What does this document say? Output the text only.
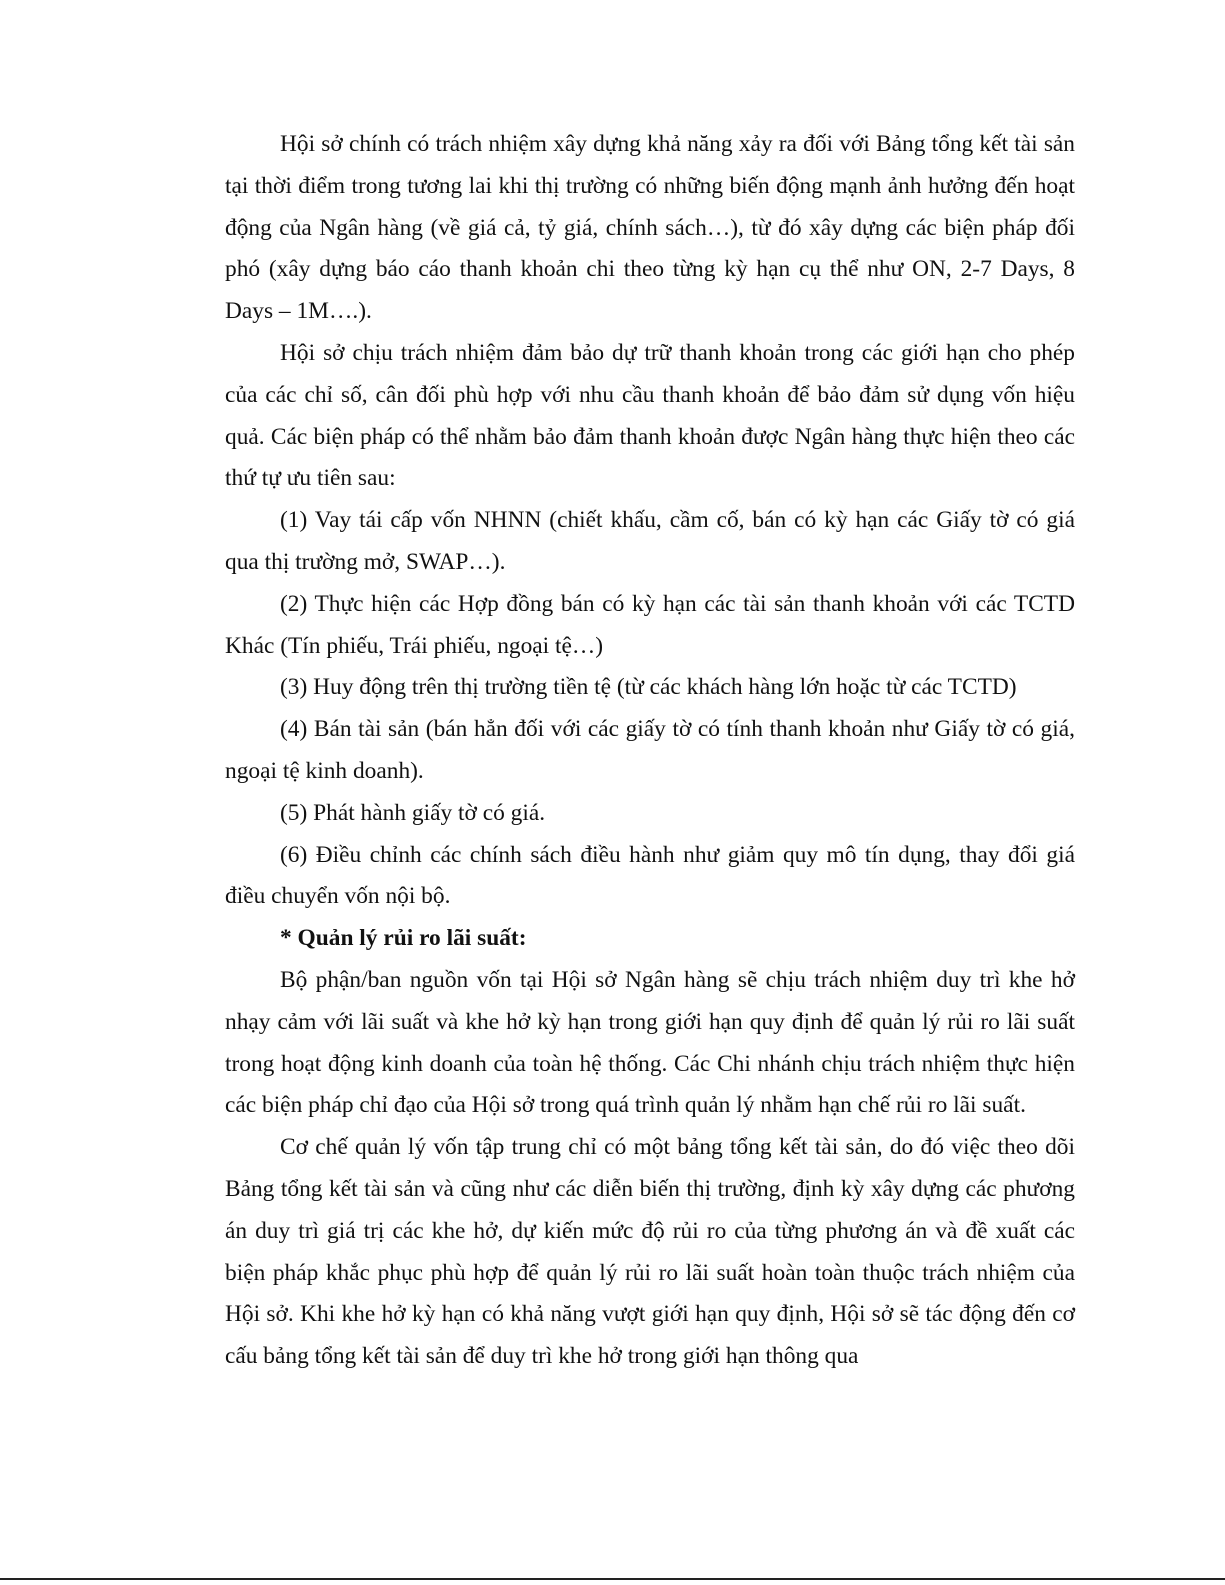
Hội sở chính có trách nhiệm xây dựng khả năng xảy ra đối với Bảng tổng kết tài sản tại thời điểm trong tương lai khi thị trường có những biến động mạnh ảnh hưởng đến hoạt động của Ngân hàng (về giá cả, tỷ giá, chính sách…), từ đó xây dựng các biện pháp đối phó (xây dựng báo cáo thanh khoản chi theo từng kỳ hạn cụ thể như ON, 2-7 Days, 8 Days – 1M….).

Hội sở chịu trách nhiệm đảm bảo dự trữ thanh khoản trong các giới hạn cho phép của các chỉ số, cân đối phù hợp với nhu cầu thanh khoản để bảo đảm sử dụng vốn hiệu quả. Các biện pháp có thể nhằm bảo đảm thanh khoản được Ngân hàng thực hiện theo các thứ tự ưu tiên sau:

(1) Vay tái cấp vốn NHNN (chiết khấu, cầm cố, bán có kỳ hạn các Giấy tờ có giá qua thị trường mở, SWAP…).

(2) Thực hiện các Hợp đồng bán có kỳ hạn các tài sản thanh khoản với các TCTD Khác (Tín phiếu, Trái phiếu, ngoại tệ…)

(3) Huy động trên thị trường tiền tệ (từ các khách hàng lớn hoặc từ các TCTD)

(4) Bán tài sản (bán hẳn đối với các giấy tờ có tính thanh khoản như Giấy tờ có giá, ngoại tệ kinh doanh).

(5) Phát hành giấy tờ có giá.

(6) Điều chỉnh các chính sách điều hành như giảm quy mô tín dụng, thay đổi giá điều chuyển vốn nội bộ.

* Quản lý rủi ro lãi suất:

Bộ phận/ban nguồn vốn tại Hội sở Ngân hàng sẽ chịu trách nhiệm duy trì khe hở nhạy cảm với lãi suất và khe hở kỳ hạn trong giới hạn quy định để quản lý rủi ro lãi suất trong hoạt động kinh doanh của toàn hệ thống. Các Chi nhánh chịu trách nhiệm thực hiện các biện pháp chỉ đạo của Hội sở trong quá trình quản lý nhằm hạn chế rủi ro lãi suất.

Cơ chế quản lý vốn tập trung chỉ có một bảng tổng kết tài sản, do đó việc theo dõi Bảng tổng kết tài sản và cũng như các diễn biến thị trường, định kỳ xây dựng các phương án duy trì giá trị các khe hở, dự kiến mức độ rủi ro của từng phương án và đề xuất các biện pháp khắc phục phù hợp để quản lý rủi ro lãi suất hoàn toàn thuộc trách nhiệm của Hội sở. Khi khe hở kỳ hạn có khả năng vượt giới hạn quy định, Hội sở sẽ tác động đến cơ cấu bảng tổng kết tài sản để duy trì khe hở trong giới hạn thông qua
